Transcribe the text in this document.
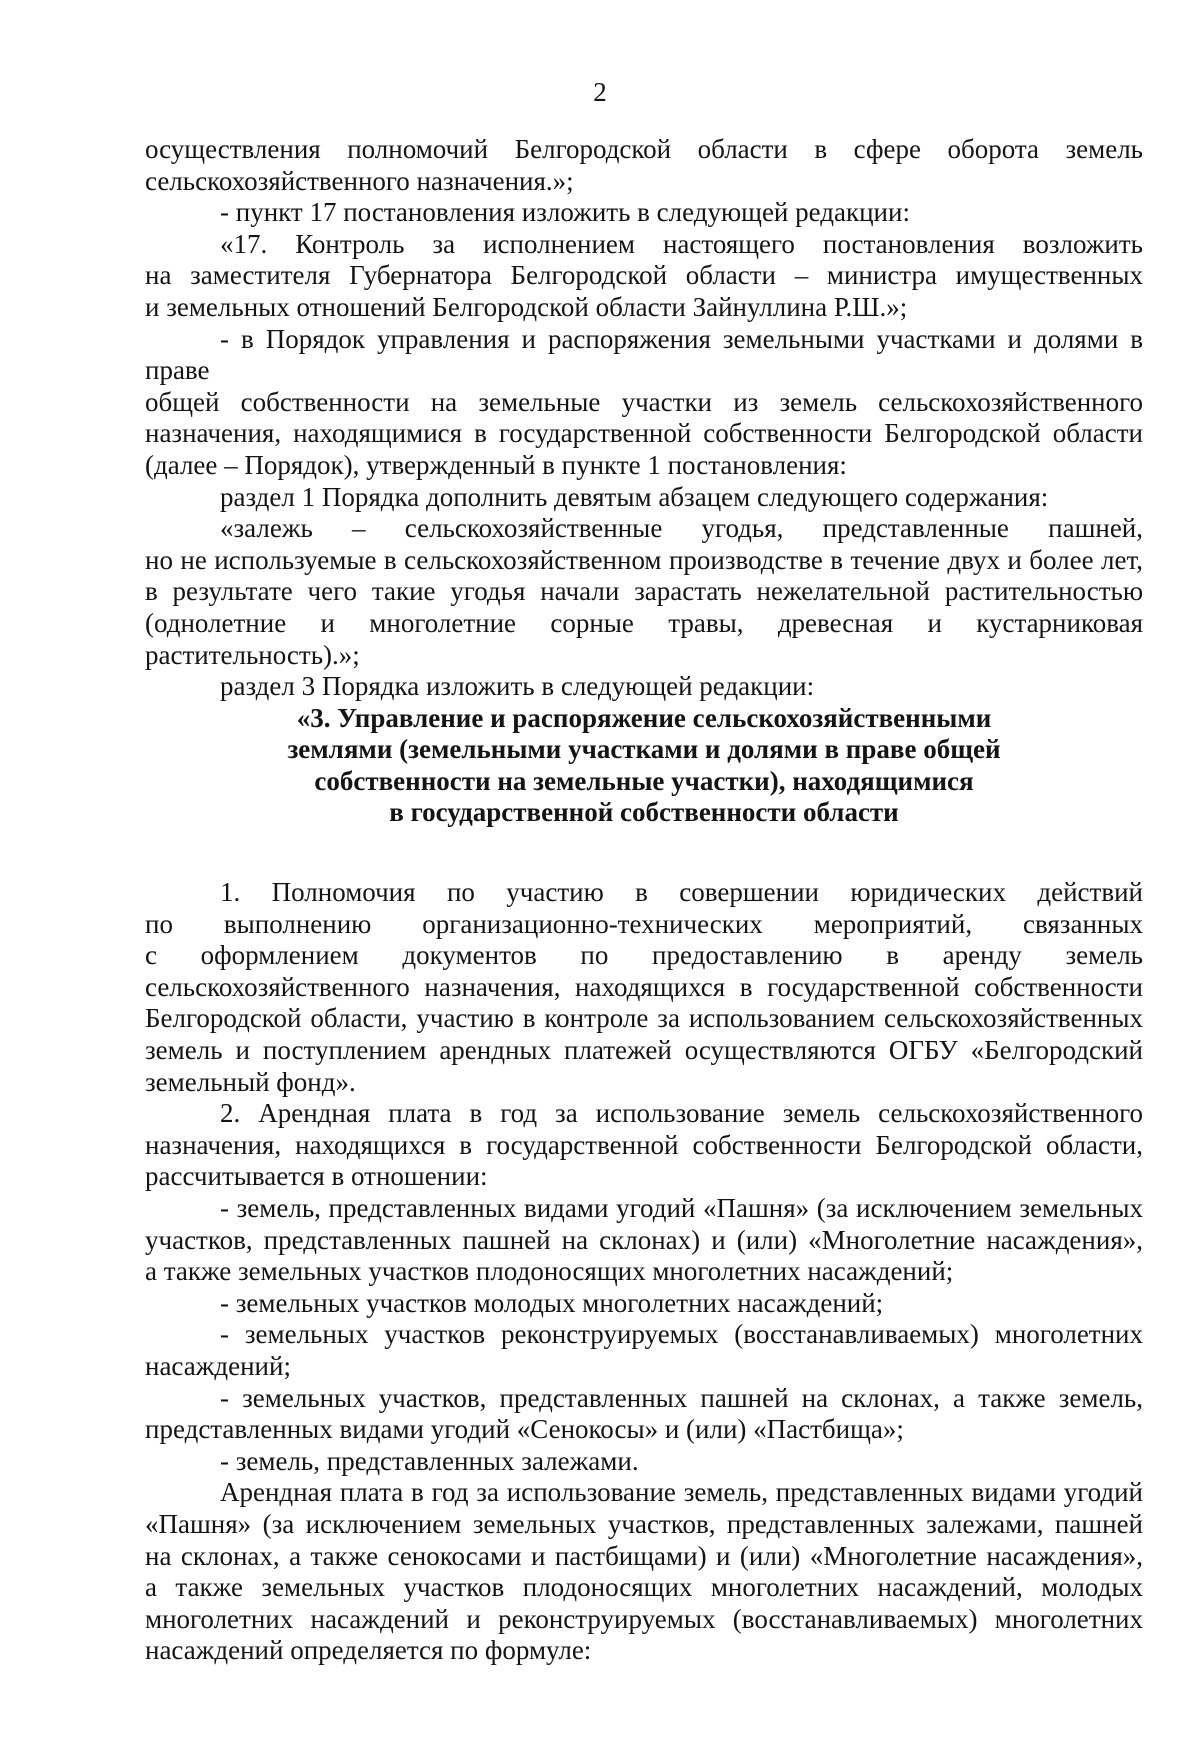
2

осуществления полномочий Белгородской области в сфере оборота земель

сельскохозяйственного назначения.»;

- пункт 17 постановления изложить в следующей редакции:

«17. Контроль за исполнением настоящего постановления возложить

на заместителя Губернатора Белгородской области – министра имущественных

и земельных отношений Белгородской области Зайнуллина Р.Ш.»;

- в Порядок управления и распоряжения земельными участками и долями в праве

общей собственности на земельные участки из земель сельскохозяйственного

назначения, находящимися в государственной собственности Белгородской области

(далее – Порядок), утвержденный в пункте 1 постановления:

раздел 1 Порядка дополнить девятым абзацем следующего содержания:

«залежь – сельскохозяйственные угодья, представленные пашней,

но не используемые в сельскохозяйственном производстве в течение двух и более лет,

в результате чего такие угодья начали зарастать нежелательной растительностью

(однолетние и многолетние сорные травы, древесная и кустарниковая

растительность).»;

раздел 3 Порядка изложить в следующей редакции:

«3. Управление и распоряжение сельскохозяйственными
землями (земельными участками и долями в праве общей
собственности на земельные участки), находящимися
в государственной собственности области

1. Полномочия по участию в совершении юридических действий

по выполнению организационно-технических мероприятий, связанных

с оформлением документов по предоставлению в аренду земель

сельскохозяйственного назначения, находящихся в государственной собственности

Белгородской области, участию в контроле за использованием сельскохозяйственных

земель и поступлением арендных платежей осуществляются ОГБУ «Белгородский

земельный фонд».

2. Арендная плата в год за использование земель сельскохозяйственного

назначения, находящихся в государственной собственности Белгородской области,

рассчитывается в отношении:

- земель, представленных видами угодий «Пашня» (за исключением земельных

участков, представленных пашней на склонах) и (или) «Многолетние насаждения»,

а также земельных участков плодоносящих многолетних насаждений;

- земельных участков молодых многолетних насаждений;

- земельных участков реконструируемых (восстанавливаемых) многолетних

насаждений;

- земельных участков, представленных пашней на склонах, а также земель,

представленных видами угодий «Сенокосы» и (или) «Пастбища»;

- земель, представленных залежами.

Арендная плата в год за использование земель, представленных видами угодий

«Пашня» (за исключением земельных участков, представленных залежами, пашней

на склонах, а также сенокосами и пастбищами) и (или) «Многолетние насаждения»,

а также земельных участков плодоносящих многолетних насаждений, молодых

многолетних насаждений и реконструируемых (восстанавливаемых) многолетних

насаждений определяется по формуле:
